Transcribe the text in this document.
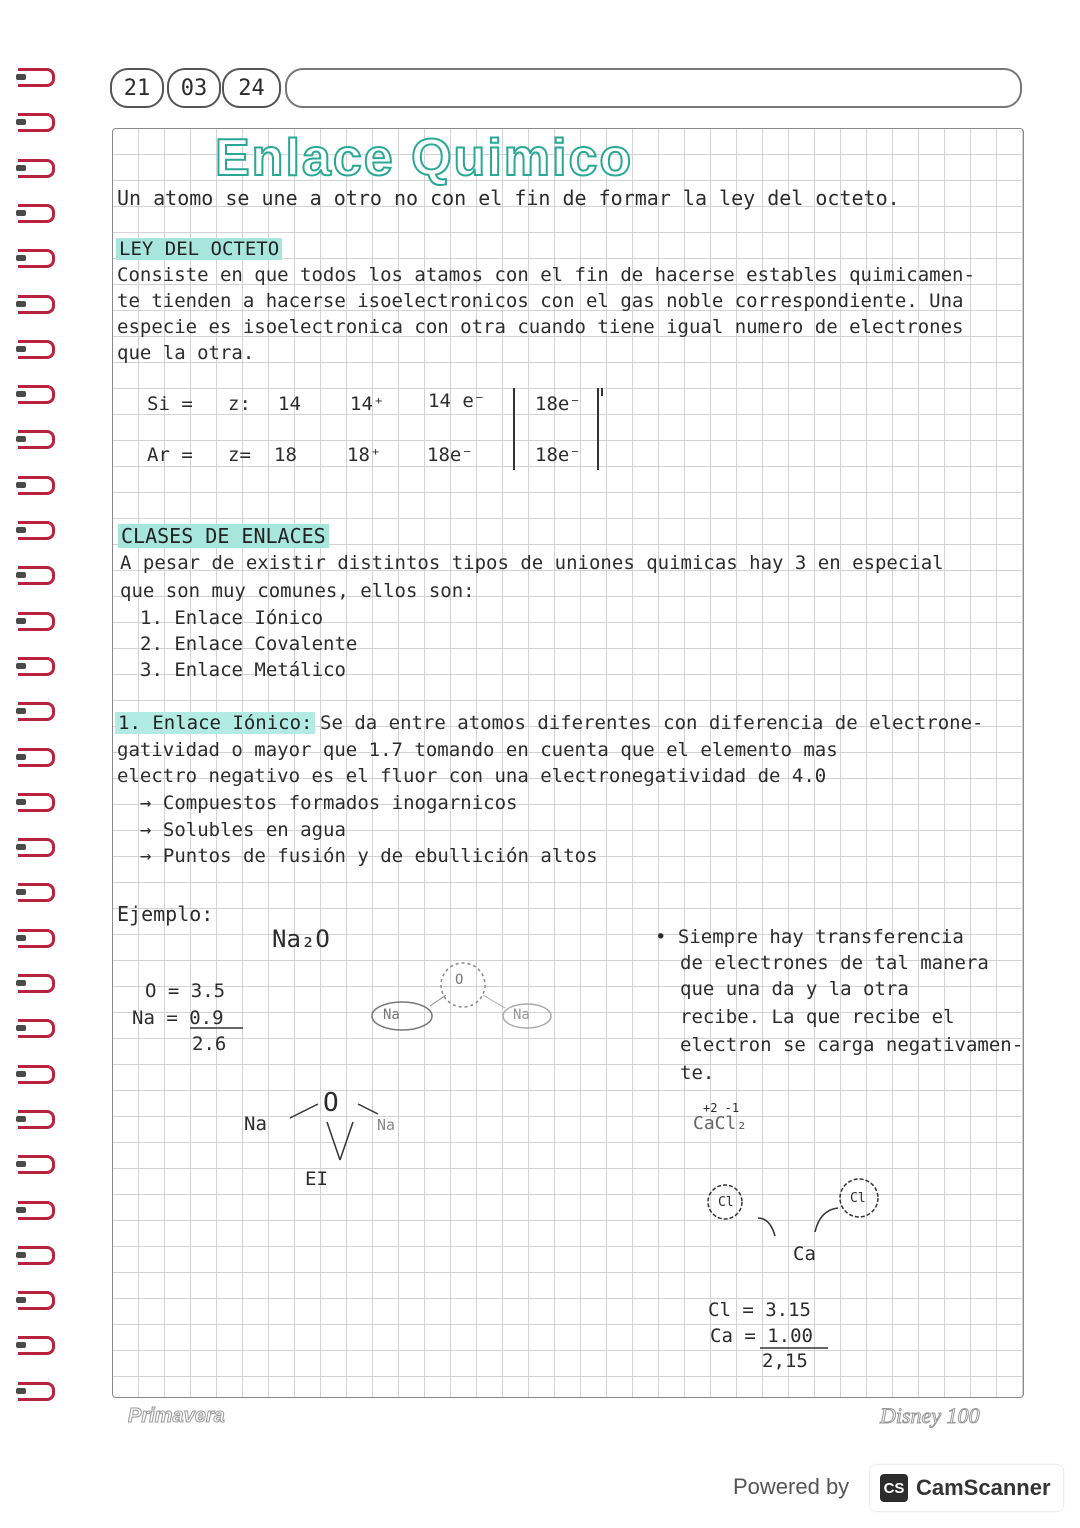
21	03	24
Enlace Quimico
Un atomo se une a otro no con el fin de formar la ley del octeto.
LEY DEL OCTETO
Consiste en que todos los atamos con el fin de hacerse estables quimicamen-
te tienden a hacerse isoelectronicos con el gas noble correspondiente. Una
especie es isoelectronica con otra cuando tiene igual numero de electrones
que la otra.
Si = z: 14	14⁺ 14 e⁻	18e⁻
Ar = z= 18	18⁺ 18e⁻	18e⁻
CLASES DE ENLACES
A pesar de existir distintos tipos de uniones quimicas hay 3 en especial
que son muy comunes, ellos son:
1. Enlace Iónico
2. Enlace Covalente
3. Enlace Metálico
1. Enlace Iónico: Se da entre atomos diferentes con diferencia de electrone-
gatividad o mayor que 1.7 tomando en cuenta que el elemento mas
electro negativo es el fluor con una electronegatividad de 4.0
→ Compuestos formados inogarnicos
→ Solubles en agua
→ Puntos de fusión y de ebullición altos
Ejemplo:
Na₂O
O = 3.5
Na = 0.9
2.6
O
Na	Na
Na
O
Na
EI
• Siempre hay transferencia
de electrones de tal manera
que una da y la otra
recibe. La que recibe el
electron se carga negativamen-
te.
+2 -1
CaCl₂
Cl	Cl
Ca
Cl = 3.15
Ca = 1.00
2,15
Primavera	Disney 100
Powered by CS CamScanner
